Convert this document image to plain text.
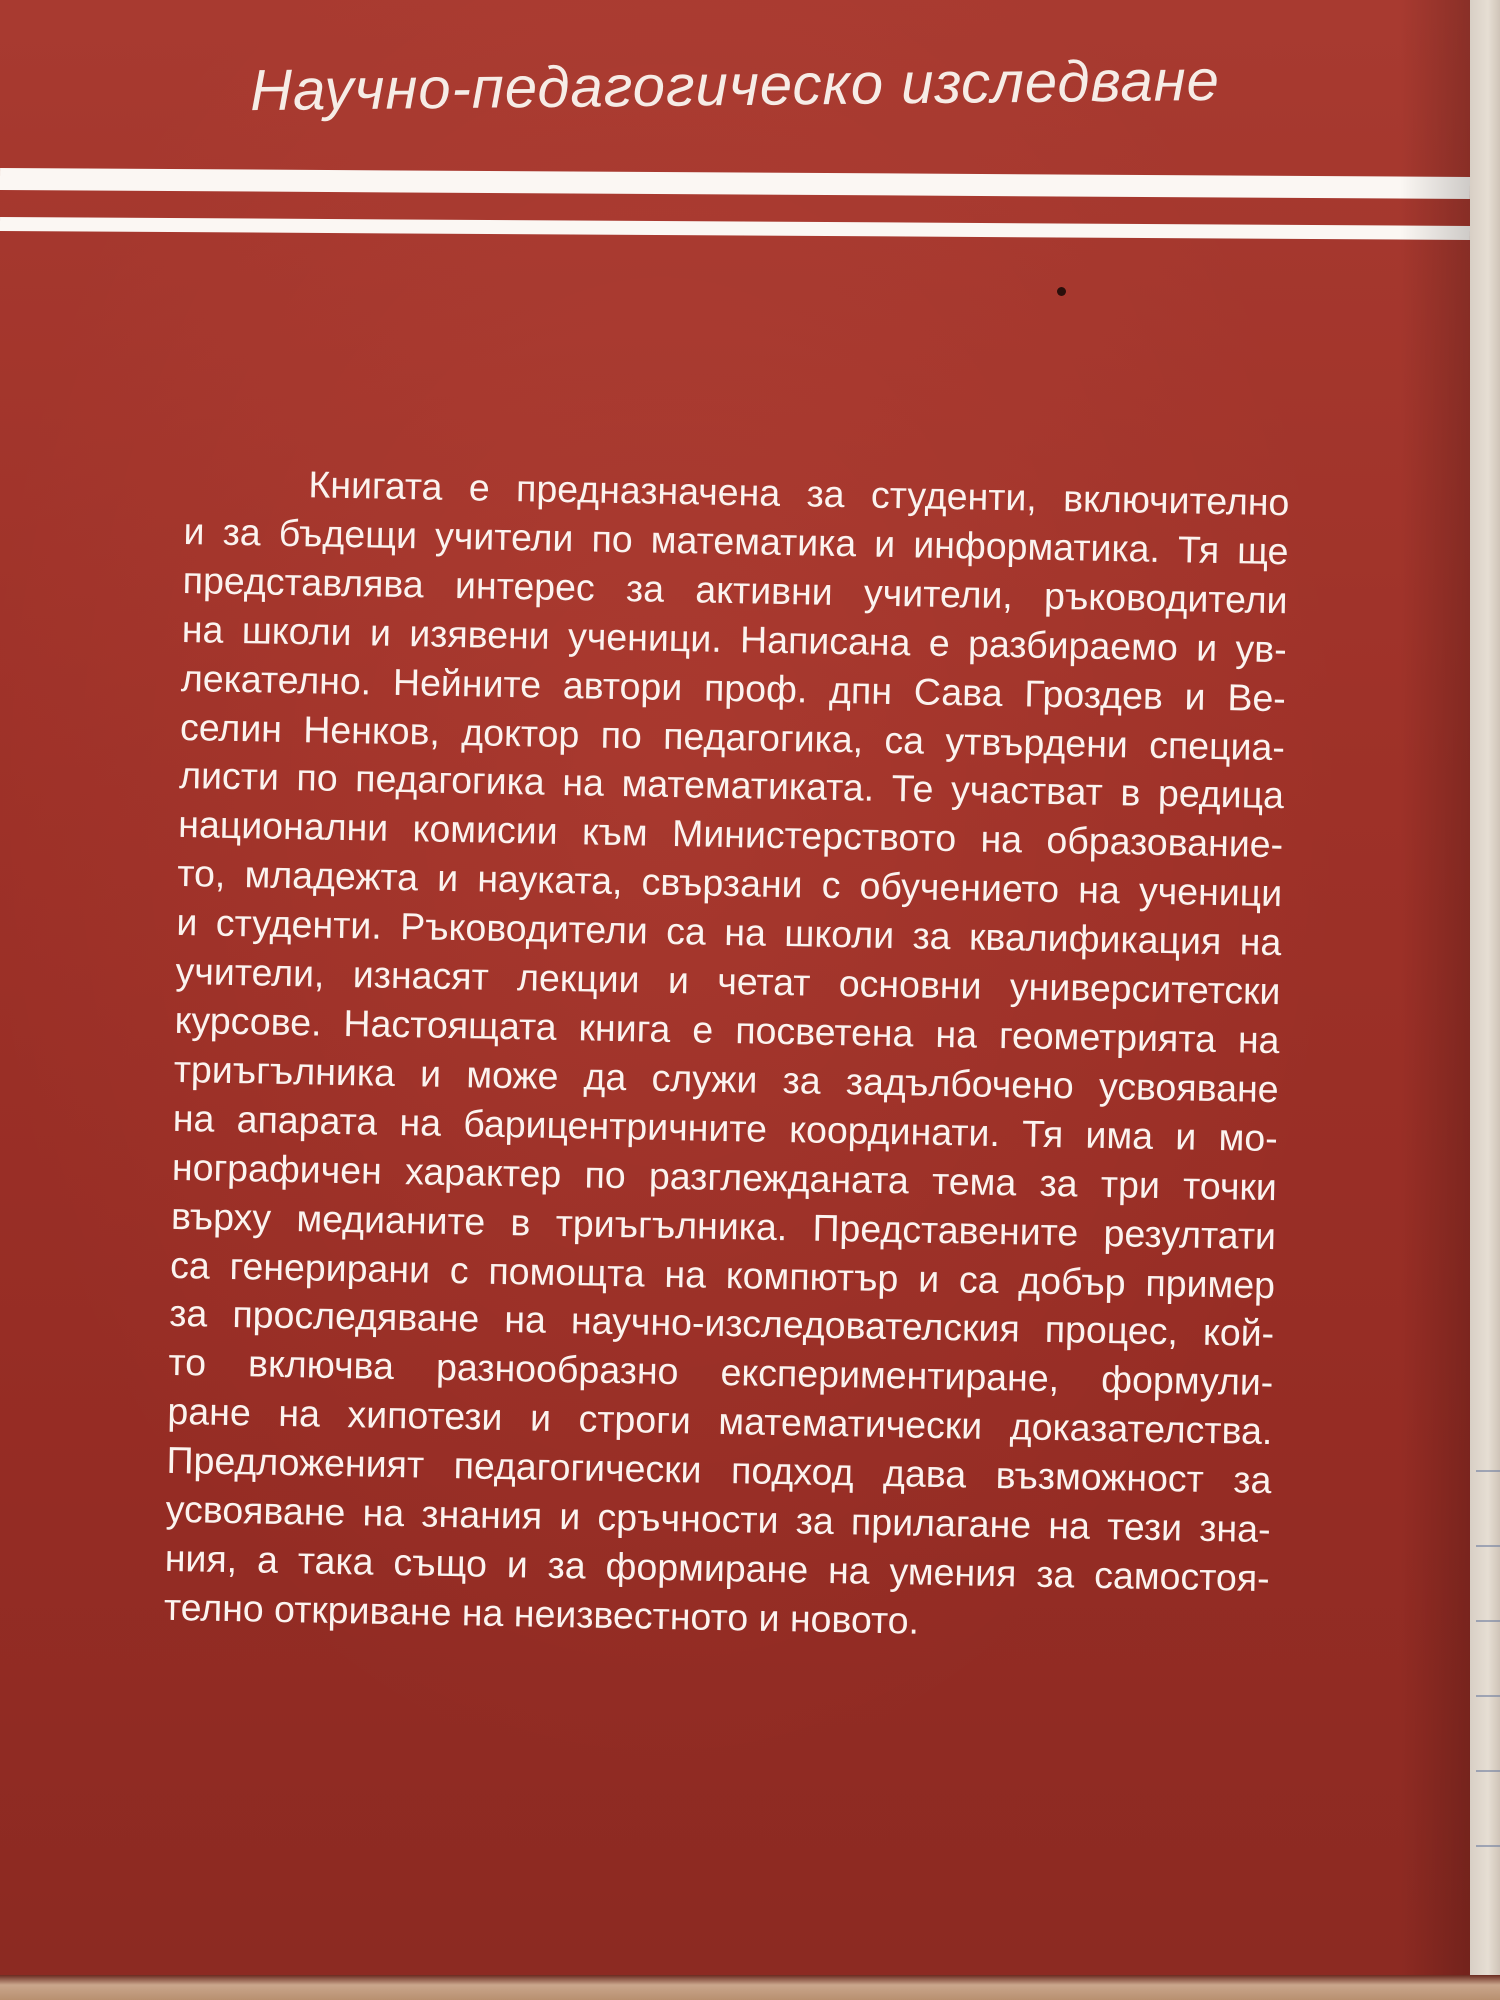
Научно-педагогическо изследване
Книгата е предназначена за студенти, включително
и за бъдещи учители по математика и информатика. Тя ще
представлява интерес за активни учители, ръководители
на школи и изявени ученици. Написана е разбираемо и ув-
лекателно. Нейните автори проф. дпн Сава Гроздев и Ве-
селин Ненков, доктор по педагогика, са утвърдени специа-
листи по педагогика на математиката. Те участват в редица
национални комисии към Министерството на образование-
то, младежта и науката, свързани с обучението на ученици
и студенти. Ръководители са на школи за квалификация на
учители, изнасят лекции и четат основни университетски
курсове. Настоящата книга е посветена на геометрията на
триъгълника и може да служи за задълбочено усвояване
на апарата на барицентричните координати. Тя има и мо-
нографичен характер по разглежданата тема за три точки
върху медианите в триъгълника. Представените резултати
са генерирани с помощта на компютър и са добър пример
за проследяване на научно-изследователския процес, кой-
то включва разнообразно експериментиране, формули-
ране на хипотези и строги математически доказателства.
Предложеният педагогически подход дава възможност за
усвояване на знания и сръчности за прилагане на тези зна-
ния, а така също и за формиране на умения за самостоя-
телно откриване на неизвестното и новото.
